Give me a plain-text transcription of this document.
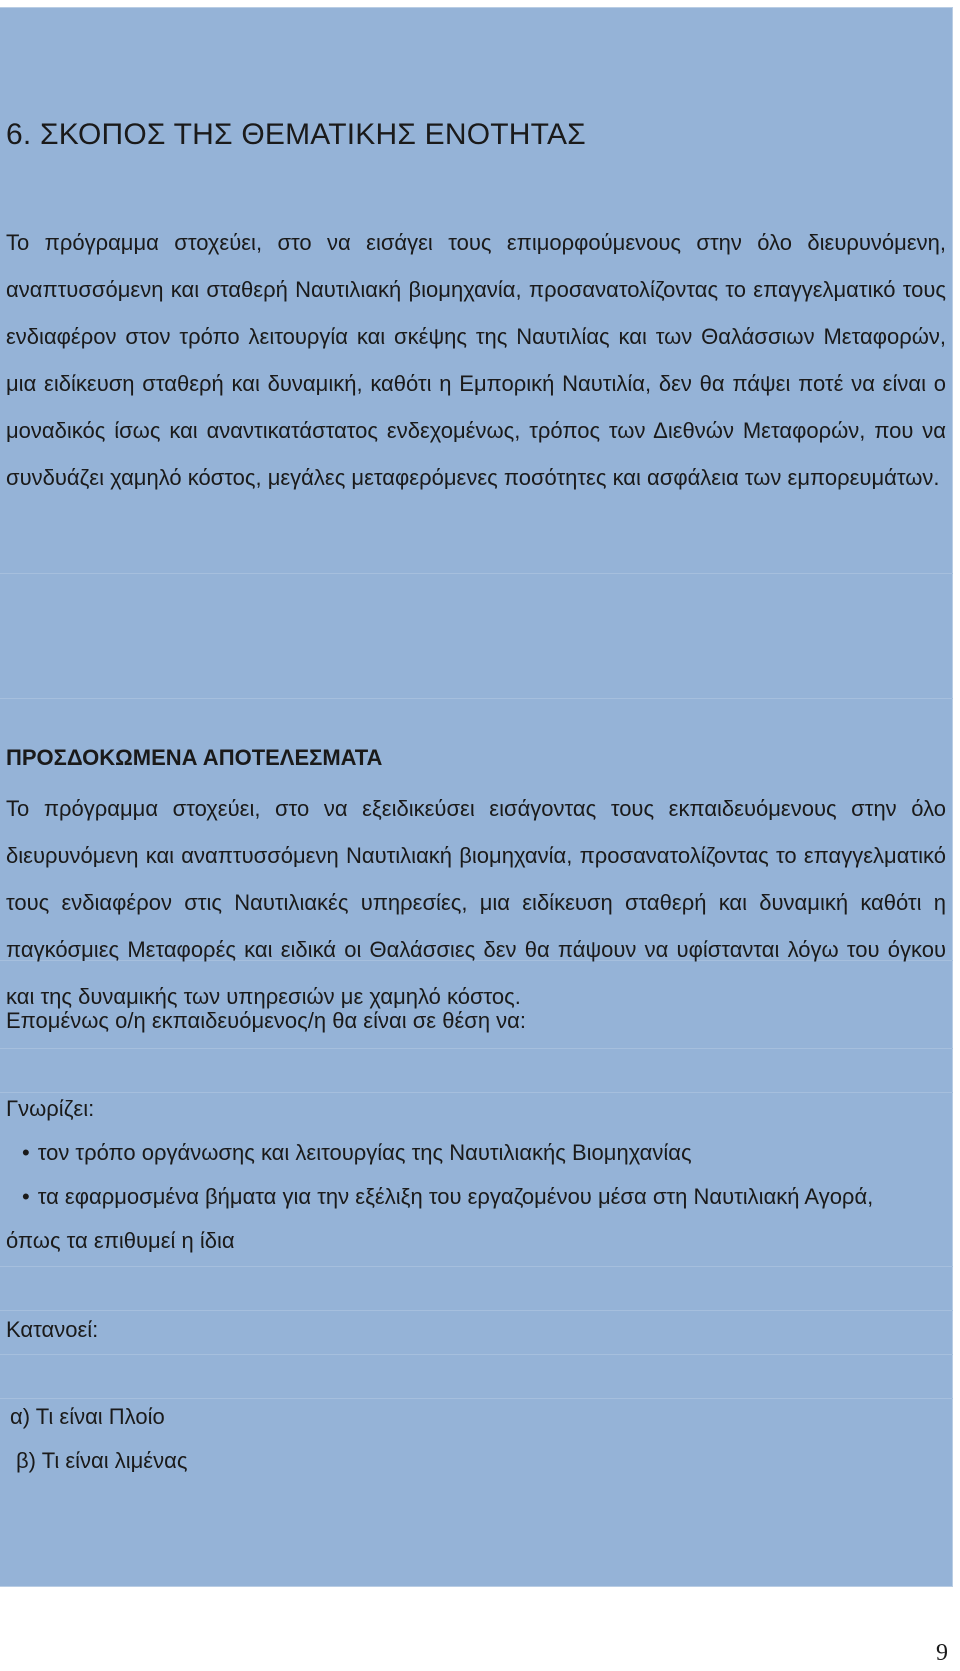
6. ΣΚΟΠΟΣ ΤΗΣ ΘΕΜΑΤΙΚΗΣ ΕΝΟΤΗΤΑΣ
Το πρόγραμμα στοχεύει, στο να εισάγει τους επιμορφούμενους στην όλο διευρυνόμενη, αναπτυσσόμενη και σταθερή Ναυτιλιακή βιομηχανία, προσανατολίζοντας το επαγγελματικό τους ενδιαφέρον στον τρόπο λειτουργία και σκέψης της Ναυτιλίας και των Θαλάσσιων Μεταφορών, μια ειδίκευση σταθερή και δυναμική, καθότι η Εμπορική Ναυτιλία, δεν θα πάψει ποτέ να είναι ο μοναδικός ίσως και αναντικατάστατος ενδεχομένως, τρόπος των Διεθνών Μεταφορών, που να συνδυάζει χαμηλό κόστος, μεγάλες μεταφερόμενες ποσότητες και ασφάλεια των εμπορευμάτων.
ΠΡΟΣΔΟΚΩΜΕΝΑ ΑΠΟΤΕΛΕΣΜΑΤΑ
Το πρόγραμμα στοχεύει, στο να εξειδικεύσει εισάγοντας τους εκπαιδευόμενους στην όλο διευρυνόμενη και αναπτυσσόμενη Ναυτιλιακή βιομηχανία, προσανατολίζοντας το επαγγελματικό τους ενδιαφέρον στις Ναυτιλιακές υπηρεσίες, μια ειδίκευση σταθερή και δυναμική καθότι η παγκόσμιες Μεταφορές και ειδικά οι Θαλάσσιες δεν θα πάψουν να υφίστανται λόγω του όγκου και της δυναμικής των υπηρεσιών με χαμηλό κόστος.
Επομένως ο/η εκπαιδευόμενος/η θα είναι σε θέση να:
Γνωρίζει:
• τον τρόπο οργάνωσης και λειτουργίας της Ναυτιλιακής Βιομηχανίας
• τα εφαρμοσμένα βήματα για την εξέλιξη του εργαζομένου μέσα στη Ναυτιλιακή Αγορά,
όπως τα επιθυμεί η ίδια
Κατανοεί:
α) Τι είναι Πλοίο
β) Τι είναι λιμένας
9
